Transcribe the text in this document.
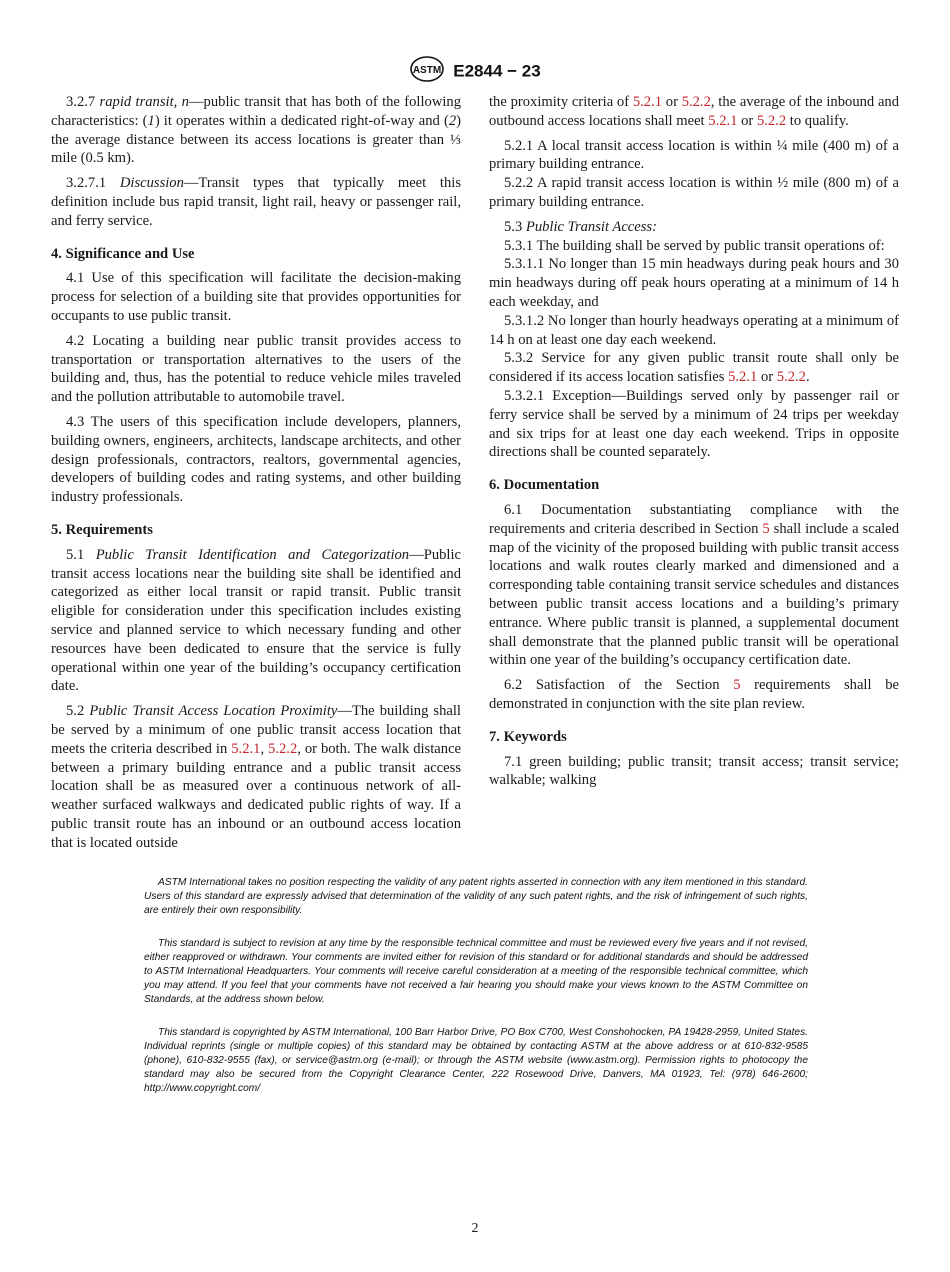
ASTM E2844 − 23

3.2.7 rapid transit, n—public transit that has both of the following characteristics: (1) it operates within a dedicated right-of-way and (2) the average distance between its access locations is greater than ⅓ mile (0.5 km).

3.2.7.1 Discussion—Transit types that typically meet this definition include bus rapid transit, light rail, heavy or passenger rail, and ferry service.

4. Significance and Use

4.1 Use of this specification will facilitate the decision-making process for selection of a building site that provides opportunities for occupants to use public transit.

4.2 Locating a building near public transit provides access to transportation or transportation alternatives to the users of the building and, thus, has the potential to reduce vehicle miles traveled and the pollution attributable to automobile travel.

4.3 The users of this specification include developers, planners, building owners, engineers, architects, landscape architects, and other design professionals, contractors, realtors, governmental agencies, developers of building codes and rating systems, and other building industry professionals.

5. Requirements

5.1 Public Transit Identification and Categorization—Public transit access locations near the building site shall be identified and categorized as either local transit or rapid transit. Public transit eligible for consideration under this specification includes existing service and planned service to which necessary funding and other resources have been dedicated to ensure that the service is fully operational within one year of the building’s occupancy certification date.

5.2 Public Transit Access Location Proximity—The building shall be served by a minimum of one public transit access location that meets the criteria described in 5.2.1, 5.2.2, or both. The walk distance between a primary building entrance and a public transit access location shall be as measured over a continuous network of all-weather surfaced walkways and dedicated public rights of way. If a public transit route has an inbound or an outbound access location that is located outside

the proximity criteria of 5.2.1 or 5.2.2, the average of the inbound and outbound access locations shall meet 5.2.1 or 5.2.2 to qualify.

5.2.1 A local transit access location is within ¼ mile (400 m) of a primary building entrance.

5.2.2 A rapid transit access location is within ½ mile (800 m) of a primary building entrance.

5.3 Public Transit Access:

5.3.1 The building shall be served by public transit operations of:

5.3.1.1 No longer than 15 min headways during peak hours and 30 min headways during off peak hours operating at a minimum of 14 h each weekday, and

5.3.1.2 No longer than hourly headways operating at a minimum of 14 h on at least one day each weekend.

5.3.2 Service for any given public transit route shall only be considered if its access location satisfies 5.2.1 or 5.2.2.

5.3.2.1 Exception—Buildings served only by passenger rail or ferry service shall be served by a minimum of 24 trips per weekday and six trips for at least one day each weekend. Trips in opposite directions shall be counted separately.

6. Documentation

6.1 Documentation substantiating compliance with the requirements and criteria described in Section 5 shall include a scaled map of the vicinity of the proposed building with public transit access locations and walk routes clearly marked and dimensioned and a corresponding table containing transit service schedules and distances between public transit access locations and a building’s primary entrance. Where public transit is planned, a supplemental document shall demonstrate that the planned public transit will be operational within one year of the building’s occupancy certification date.

6.2 Satisfaction of the Section 5 requirements shall be demonstrated in conjunction with the site plan review.

7. Keywords

7.1 green building; public transit; transit access; transit service; walkable; walking

ASTM International takes no position respecting the validity of any patent rights asserted in connection with any item mentioned in this standard. Users of this standard are expressly advised that determination of the validity of any such patent rights, and the risk of infringement of such rights, are entirely their own responsibility.

This standard is subject to revision at any time by the responsible technical committee and must be reviewed every five years and if not revised, either reapproved or withdrawn. Your comments are invited either for revision of this standard or for additional standards and should be addressed to ASTM International Headquarters. Your comments will receive careful consideration at a meeting of the responsible technical committee, which you may attend. If you feel that your comments have not received a fair hearing you should make your views known to the ASTM Committee on Standards, at the address shown below.

This standard is copyrighted by ASTM International, 100 Barr Harbor Drive, PO Box C700, West Conshohocken, PA 19428-2959, United States. Individual reprints (single or multiple copies) of this standard may be obtained by contacting ASTM at the above address or at 610-832-9585 (phone), 610-832-9555 (fax), or service@astm.org (e-mail); or through the ASTM website (www.astm.org). Permission rights to photocopy the standard may also be secured from the Copyright Clearance Center, 222 Rosewood Drive, Danvers, MA 01923, Tel: (978) 646-2600; http://www.copyright.com/

2
